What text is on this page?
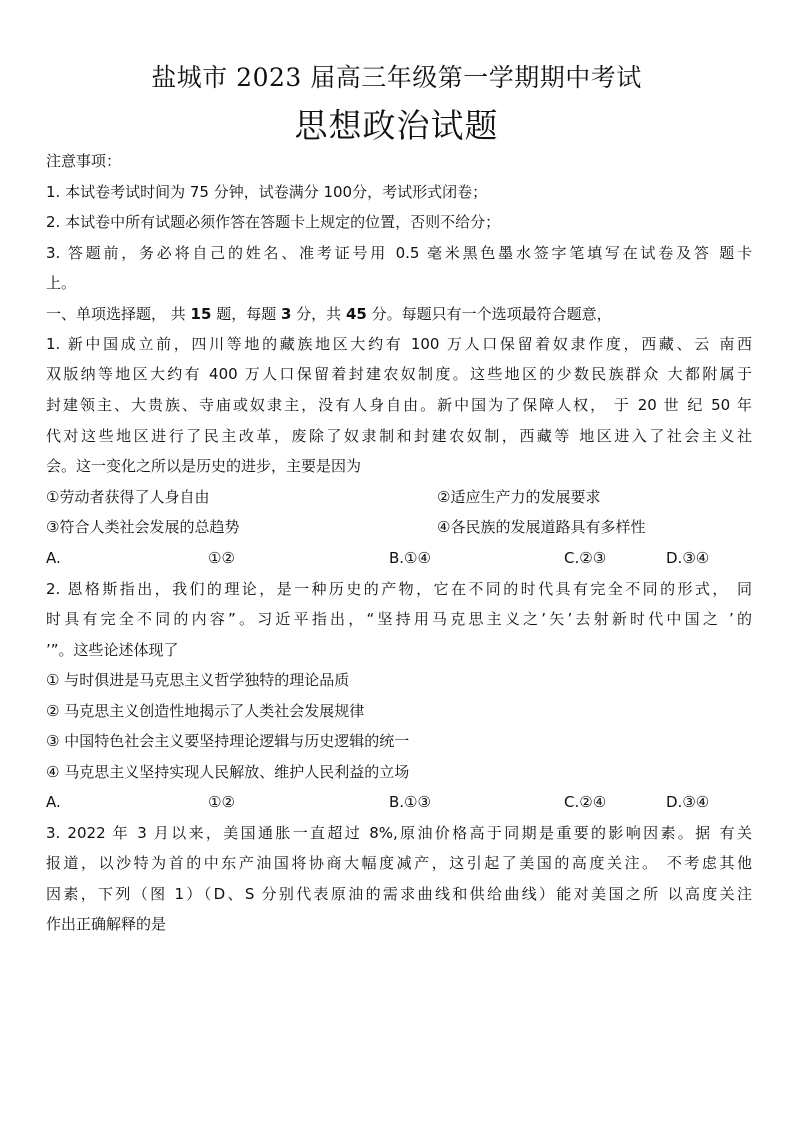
盐城市 2023 届高三年级第一学期期中考试
思想政治试题
注意事项：
1. 本试卷考试时间为 75 分钟，试卷满分 100分，考试形式闭卷；
2. 本试卷中所有试题必须作答在答题卡上规定的位置，否则不给分；
3. 答题前，务必将自己的姓名、准考证号用 0.5 毫米黑色墨水签字笔填写在试卷及答 题卡
上。
一、单项选择题， 共 15 题，每题 3 分，共 45 分。每题只有一个选项最符合题意，
1. 新中国成立前，四川等地的藏族地区大约有 100 万人口保留着奴隶作度，西藏、云 南西
双版纳等地区大约有 400 万人口保留着封建农奴制度。这些地区的少数民族群众 大都附属于
封建领主、大贵族、寺庙或奴隶主，没有人身自由。新中国为了保障人权， 于 20 世 纪 50 年
代对这些地区进行了民主改革，废除了奴隶制和封建农奴制，西藏等 地区进入了社会主义社
会。这一变化之所以是历史的进步，主要是因为
①劳动者获得了人身自由	②适应生产力的发展要求
③符合人类社会发展的总趋势	④各民族的发展道路具有多样性
A.	①②	B.①④	C.②③	D.③④
2. 恩格斯指出，我们的理论，是一种历史的产物，它在不同的时代具有完全不同的形式， 同
时具有完全不同的内容”。习近平指出，“坚持用马克思主义之’矢’去射新时代中国之 ’的
’”。这些论述体现了
① 与时俱进是马克思主义哲学独特的理论品质
② 马克思主义创造性地揭示了人类社会发展规律
③ 中国特色社会主义要坚持理论逻辑与历史逻辑的统一
④ 马克思主义坚持实现人民解放、维护人民利益的立场
A.	①②	B.①③	C.②④	D.③④
3. 2022 年 3 月以来，美国通胀一直超过 8%,原油价格高于同期是重要的影响因素。据 有关
报道，以沙特为首的中东产油国将协商大幅度减产，这引起了美国的高度关注。 不考虑其他
因素，下列（图 1）（D、S 分别代表原油的需求曲线和供给曲线）能对美国之所 以高度关注
作出正确解释的是
